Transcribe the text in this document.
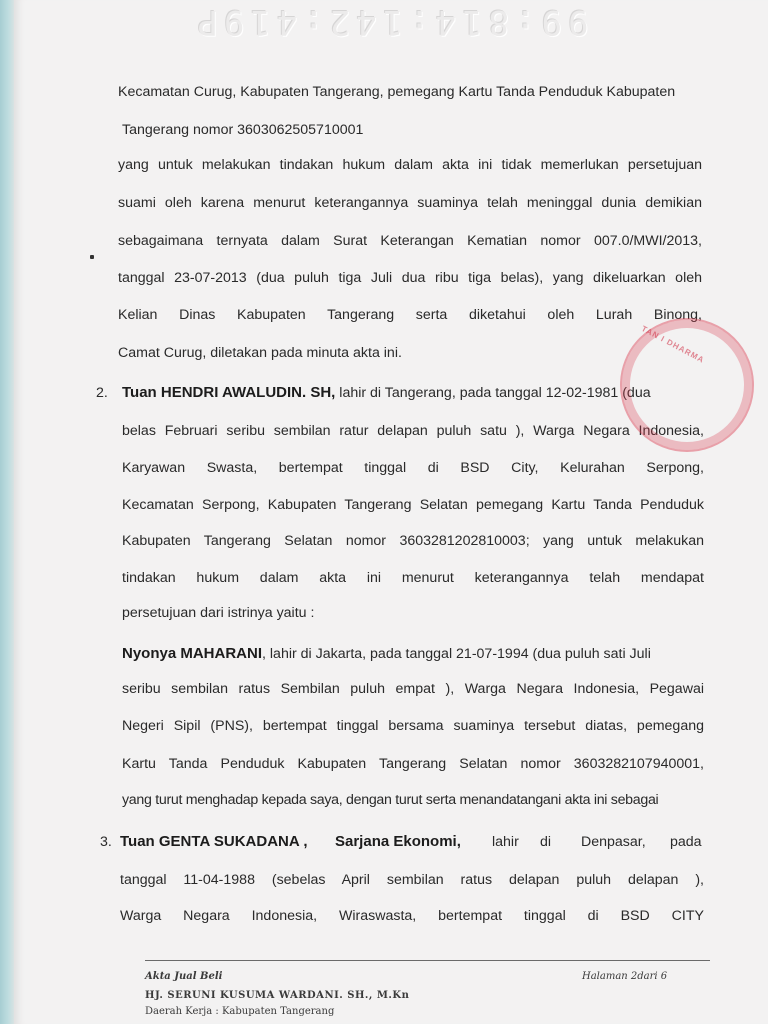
99:814:142:419P
Kecamatan Curug, Kabupaten Tangerang, pemegang Kartu Tanda Penduduk Kabupaten
Tangerang nomor 3603062505710001
yang untuk melakukan tindakan hukum dalam akta ini tidak memerlukan persetujuan
suami oleh karena menurut keterangannya suaminya telah meninggal dunia demikian
sebagaimana ternyata dalam Surat Keterangan Kematian nomor 007.0/MWI/2013,
tanggal 23-07-2013 (dua puluh tiga Juli dua ribu tiga belas), yang dikeluarkan oleh
Kelian Dinas Kabupaten Tangerang serta diketahui oleh Lurah Binong,
Camat Curug, diletakan pada minuta akta ini.
2. Tuan HENDRI AWALUDIN. SH, lahir di Tangerang, pada tanggal 12-02-1981 (dua
belas Februari seribu sembilan ratur delapan puluh satu ), Warga Negara Indonesia,
Karyawan Swasta, bertempat tinggal di BSD City, Kelurahan Serpong,
Kecamatan Serpong, Kabupaten Tangerang Selatan pemegang Kartu Tanda Penduduk
Kabupaten Tangerang Selatan nomor 3603281202810003; yang untuk melakukan
tindakan hukum dalam akta ini menurut keterangannya telah mendapat
persetujuan dari istrinya yaitu :
Nyonya MAHARANI, lahir di Jakarta, pada tanggal 21-07-1994 (dua puluh sati Juli
seribu sembilan ratus Sembilan puluh empat ), Warga Negara Indonesia, Pegawai
Negeri Sipil (PNS), bertempat tinggal bersama suaminya tersebut diatas, pemegang
Kartu Tanda Penduduk Kabupaten Tangerang Selatan nomor 3603282107940001,
yang turut menghadap kepada saya, dengan turut serta menandatangani akta ini sebagai
3. Tuan GENTA SUKADANA , Sarjana Ekonomi, lahir di Denpasar, pada
tanggal 11-04-1988 (sebelas April sembilan ratus delapan puluh delapan ),
Warga Negara Indonesia, Wiraswasta, bertempat tinggal di BSD CITY
TAN I DHARMA
Akta Jual Beli	Halaman 2dari 6
HJ. SERUNI KUSUMA WARDANI. SH., M.Kn
Daerah Kerja : Kabupaten Tangerang
